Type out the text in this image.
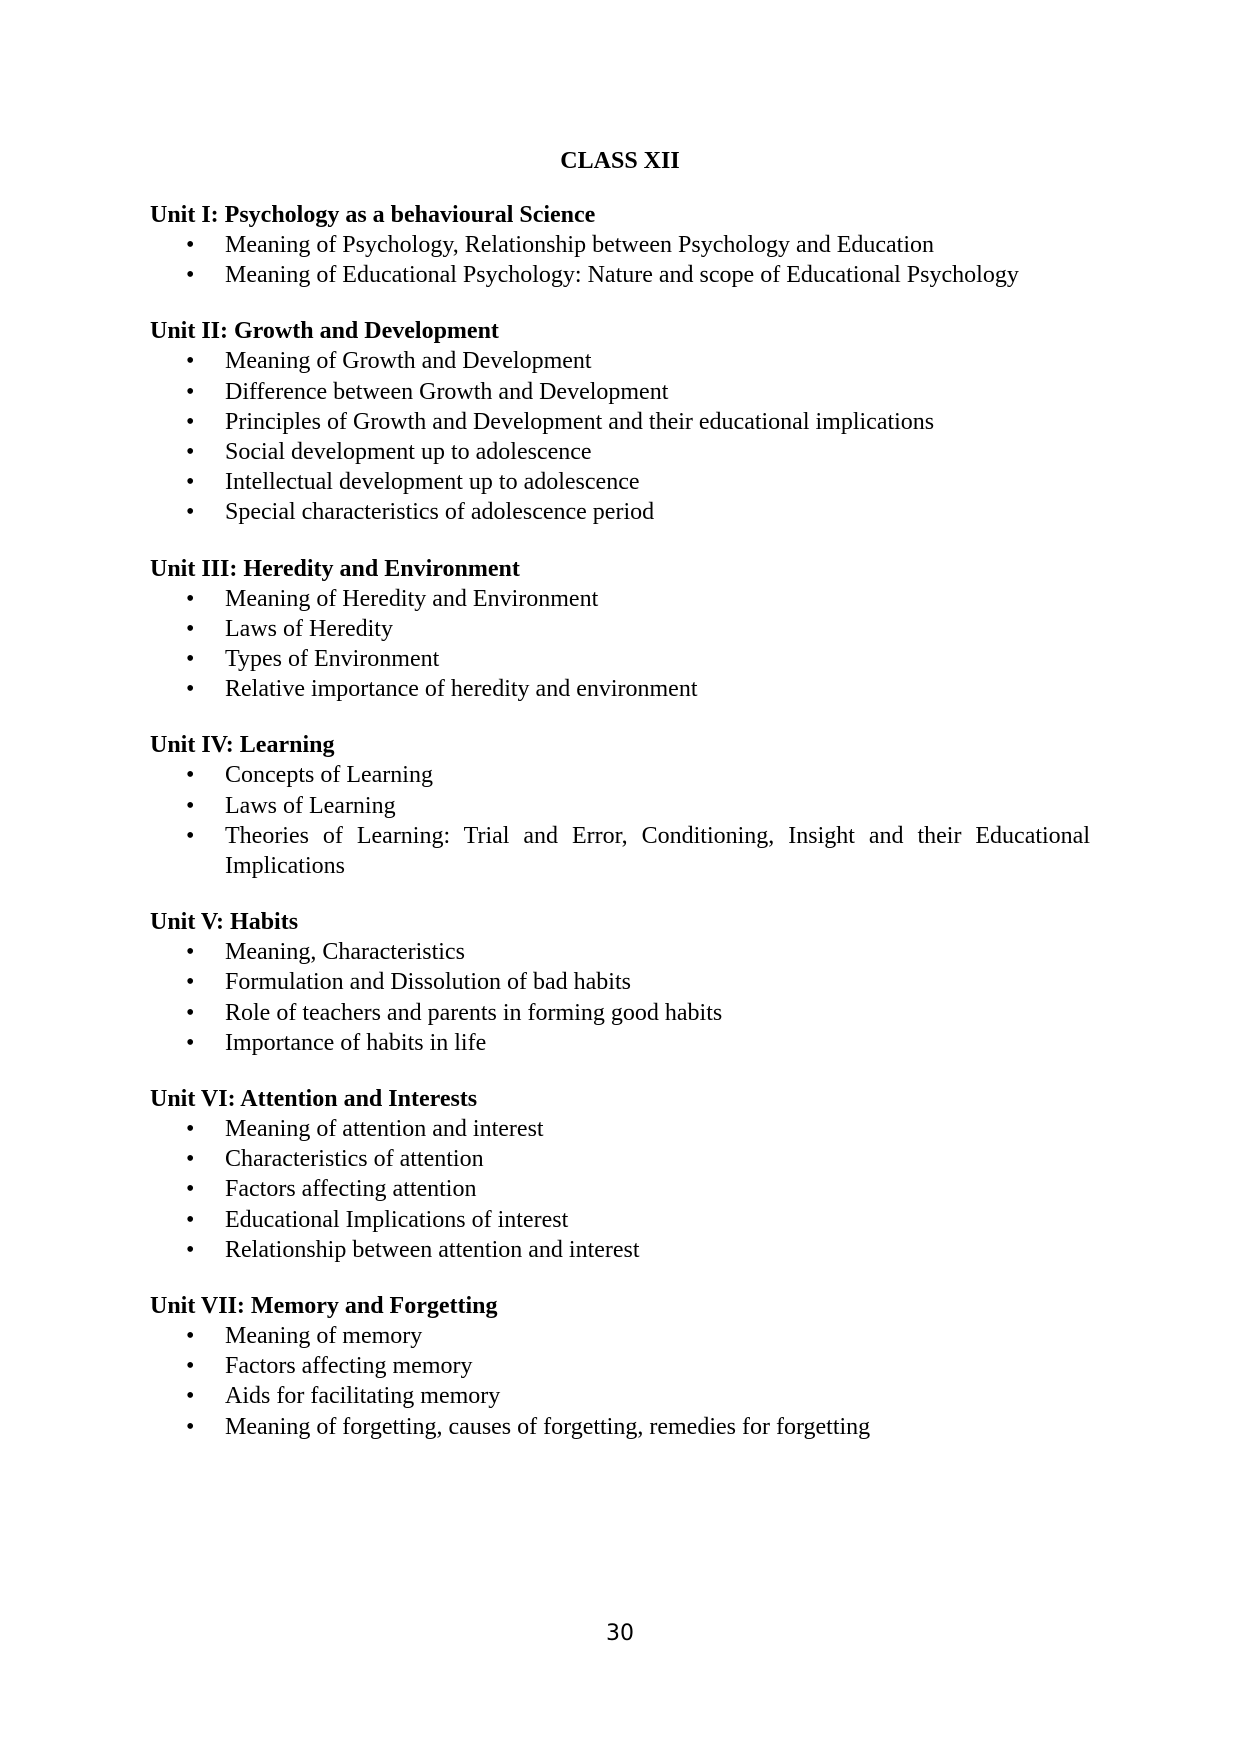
CLASS XII
Unit I: Psychology as a behavioural Science
• Meaning of Psychology, Relationship between Psychology and Education
• Meaning of Educational Psychology: Nature and scope of Educational Psychology
Unit II: Growth and Development
• Meaning of Growth and Development
• Difference between Growth and Development
• Principles of Growth and Development and their educational implications
• Social development up to adolescence
• Intellectual development up to adolescence
• Special characteristics of adolescence period
Unit III: Heredity and Environment
• Meaning of Heredity and Environment
• Laws of Heredity
• Types of Environment
• Relative importance of heredity and environment
Unit IV: Learning
• Concepts of Learning
• Laws of Learning
• Theories of Learning: Trial and Error, Conditioning, Insight and their Educational Implications
Unit V: Habits
• Meaning, Characteristics
• Formulation and Dissolution of bad habits
• Role of teachers and parents in forming good habits
• Importance of habits in life
Unit VI: Attention and Interests
• Meaning of attention and interest
• Characteristics of attention
• Factors affecting attention
• Educational Implications of interest
• Relationship between attention and interest
Unit VII: Memory and Forgetting
• Meaning of memory
• Factors affecting memory
• Aids for facilitating memory
• Meaning of forgetting, causes of forgetting, remedies for forgetting
30
